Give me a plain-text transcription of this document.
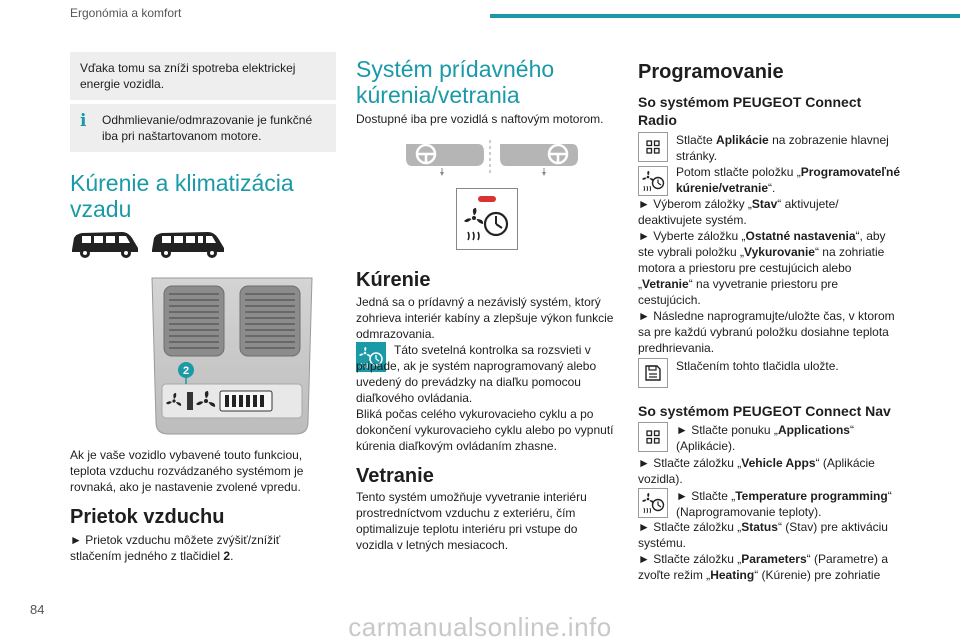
Ergonómia a komfort
84
carmanualsonline.info
Vďaka tomu sa zníži spotreba elektrickej energie vozidla.
i	Odhmlievanie/odmrazovanie je funkčné iba pri naštartovanom motore.
Kúrenie a klimatizácia vzadu
2

Ak je vaše vozidlo vybavené touto funkciou, teplota vzduchu rozvádzaného systémom je rovnaká, ako je nastavenie zvolené vpredu.

Prietok vzduchu

► Prietok vzduchu môžete zvýšiť/znížiť stlačením jedného z tlačidiel 2.

Systém prídavného kúrenia/vetrania

Dostupné iba pre vozidlá s naftovým motorom.

Kúrenie

Jedná sa o prídavný a nezávislý systém, ktorý zohrieva interiér kabíny a zlepšuje výkon funkcie odmrazovania.

Táto svetelná kontrolka sa rozsvieti v prípade, ak je systém naprogramovaný alebo uvedený do prevádzky na diaľku pomocou diaľkového ovládania.

Bliká počas celého vykurovacieho cyklu a po dokončení vykurovacieho cyklu alebo po vypnutí kúrenia diaľkovým ovládaním zhasne.

Vetranie

Tento systém umožňuje vyvetranie interiéru prostredníctvom vzduchu z exteriéru, čím optimalizuje teplotu interiéru pri vstupe do vozidla v letných mesiacoch.

Programovanie
So systémom PEUGEOT Connect Radio

Stlačte Aplikácie na zobrazenie hlavnej stránky.

Potom stlačte položku „Programovateľné kúrenie/vetranie“.

► Výberom záložky „Stav“ aktivujete/ deaktivujete systém.

► Vyberte záložku „Ostatné nastavenia“, aby ste vybrali položku „Vykurovanie“ na zohriatie motora a priestoru pre cestujúcich alebo „Vetranie“ na vyvetranie priestoru pre cestujúcich.

► Následne naprogramujte/uložte čas, v ktorom sa pre každú vybranú položku dosiahne teplota predhrievania.

Stlačením tohto tlačidla uložte.

So systémom PEUGEOT Connect Nav

► Stlačte ponuku „Applications“ (Aplikácie).

► Stlačte záložku „Vehicle Apps“ (Aplikácie vozidla).

► Stlačte „Temperature programming“ (Naprogramovanie teploty).

► Stlačte záložku „Status“ (Stav) pre aktiváciu systému.

► Stlačte záložku „Parameters“ (Parametre) a zvoľte režim „Heating“ (Kúrenie) pre zohriatie
